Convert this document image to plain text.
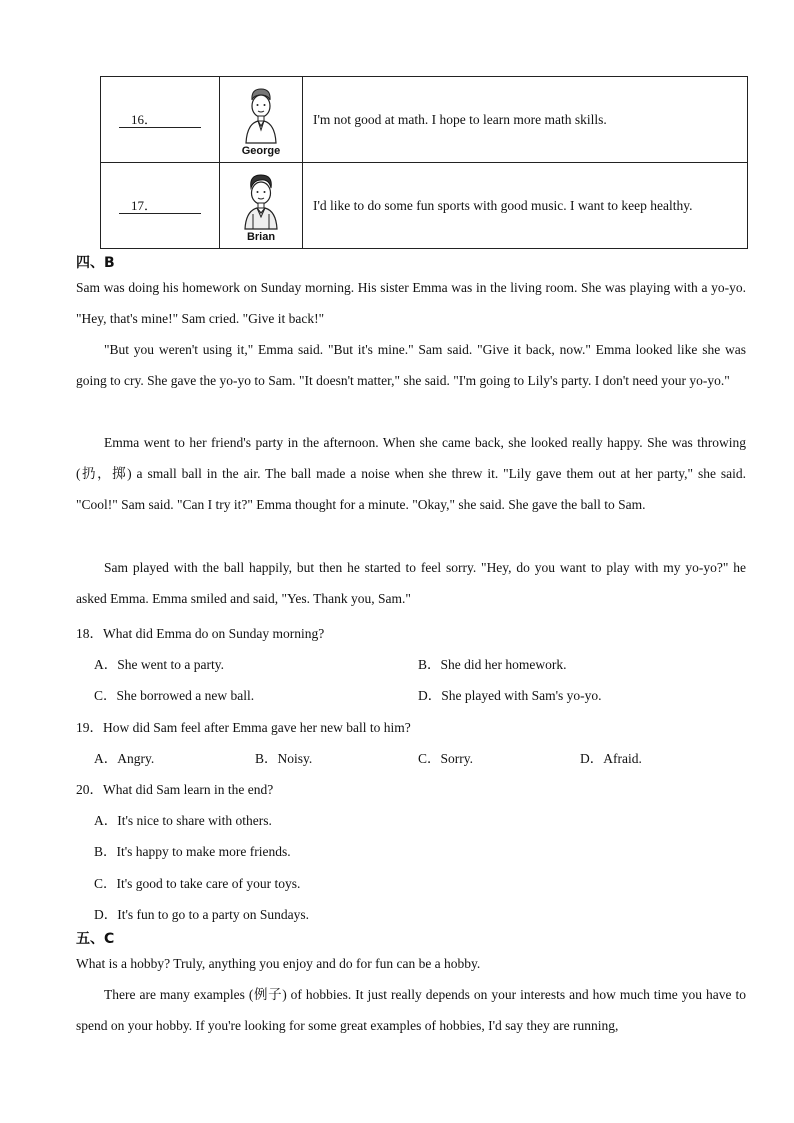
16．	George	I'm not good at math. I hope to learn more math skills.
17．	Brian	I'd like to do some fun sports with good music. I want to keep healthy.
四、B
Sam was doing his homework on Sunday morning. His sister Emma was in the living room. She was playing with a yo-yo. "Hey, that's mine!" Sam cried. "Give it back!"
"But you weren't using it," Emma said. "But it's mine." Sam said. "Give it back, now." Emma looked like she was going to cry. She gave the yo-yo to Sam. "It doesn't matter," she said. "I'm going to Lily's party. I don't need your yo-yo."
Emma went to her friend's party in the afternoon. When she came back, she looked really happy. She was throwing (扔，掷) a small ball in the air. The ball made a noise when she threw it. "Lily gave them out at her party," she said. "Cool!" Sam said. "Can I try it?" Emma thought for a minute. "Okay," she said. She gave the ball to Sam.
Sam played with the ball happily, but then he started to feel sorry. "Hey, do you want to play with my yo-yo?" he asked Emma. Emma smiled and said, "Yes. Thank you, Sam."
18．What did Emma do on Sunday morning?
A．She went to a party.	B．She did her homework.
C．She borrowed a new ball.	D．She played with Sam's yo-yo.
19．How did Sam feel after Emma gave her new ball to him?
A．Angry.	B．Noisy.	C．Sorry.	D．Afraid.
20．What did Sam learn in the end?
A．It's nice to share with others.
B．It's happy to make more friends.
C．It's good to take care of your toys.
D．It's fun to go to a party on Sundays.
五、C
What is a hobby? Truly, anything you enjoy and do for fun can be a hobby.
There are many examples (例子) of hobbies. It just really depends on your interests and how much time you have to spend on your hobby. If you're looking for some great examples of hobbies, I'd say they are running,
